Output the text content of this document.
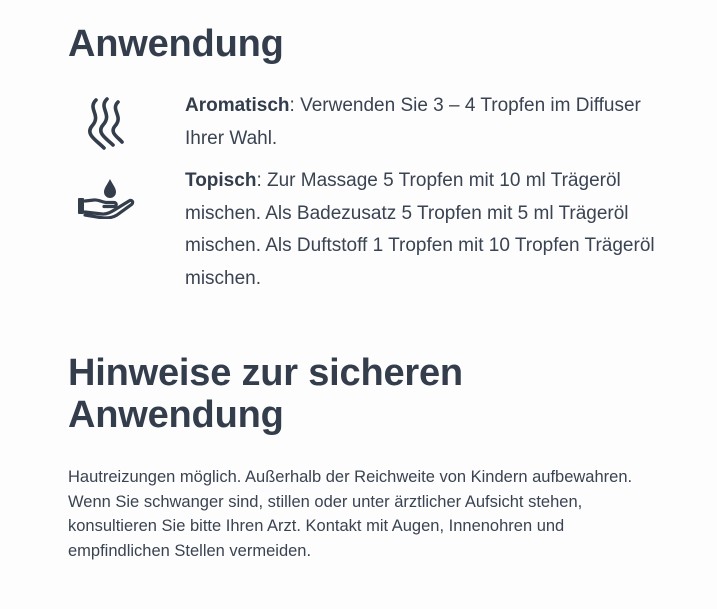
Anwendung
Aromatisch: Verwenden Sie 3 – 4 Tropfen im Diffuser Ihrer Wahl.
Topisch: Zur Massage 5 Tropfen mit 10 ml Trägeröl mischen. Als Badezusatz 5 Tropfen mit 5 ml Trägeröl mischen. Als Duftstoff 1 Tropfen mit 10 Tropfen Trägeröl mischen.
Hinweise zur sicheren Anwendung

Hautreizungen möglich. Außerhalb der Reichweite von Kindern aufbewahren. Wenn Sie schwanger sind, stillen oder unter ärztlicher Aufsicht stehen, konsultieren Sie bitte Ihren Arzt. Kontakt mit Augen, Innenohren und empfindlichen Stellen vermeiden.
